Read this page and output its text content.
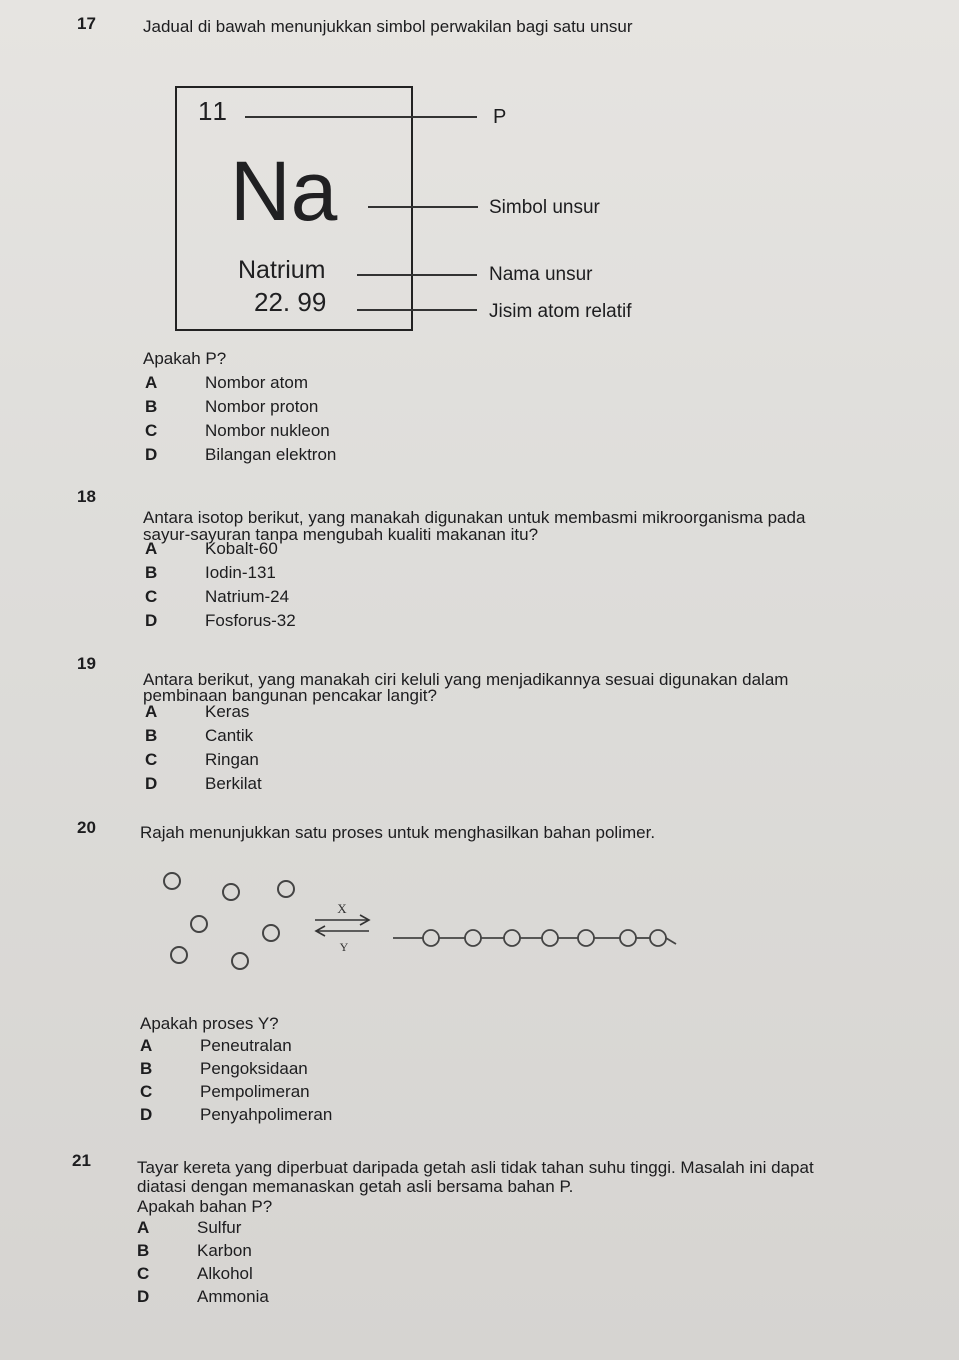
17	Jadual di bawah menunjukkan simbol perwakilan bagi satu unsur
11
Na
Natrium
22. 99
P
Simbol unsur
Nama unsur
Jisim atom relatif
Apakah P?
A	Nombor atom
B	Nombor proton
C	Nombor nukleon
D	Bilangan elektron
18
Antara isotop berikut, yang manakah digunakan untuk membasmi mikroorganisma pada
sayur-sayuran tanpa mengubah kualiti makanan itu?
A	Kobalt-60
B	Iodin-131
C	Natrium-24
D	Fosforus-32
19
Antara berikut, yang manakah ciri keluli yang menjadikannya sesuai digunakan dalam
pembinaan bangunan pencakar langit?
A	Keras
B	Cantik
C	Ringan
D	Berkilat
20	Rajah menunjukkan satu proses untuk menghasilkan bahan polimer.
X
Y
Apakah proses Y?
A	Peneutralan
B	Pengoksidaan
C	Pempolimeran
D	Penyahpolimeran
21	Tayar kereta yang diperbuat daripada getah asli tidak tahan suhu tinggi. Masalah ini dapat
diatasi dengan memanaskan getah asli bersama bahan P.
Apakah bahan P?
A	Sulfur
B	Karbon
C	Alkohol
D	Ammonia
